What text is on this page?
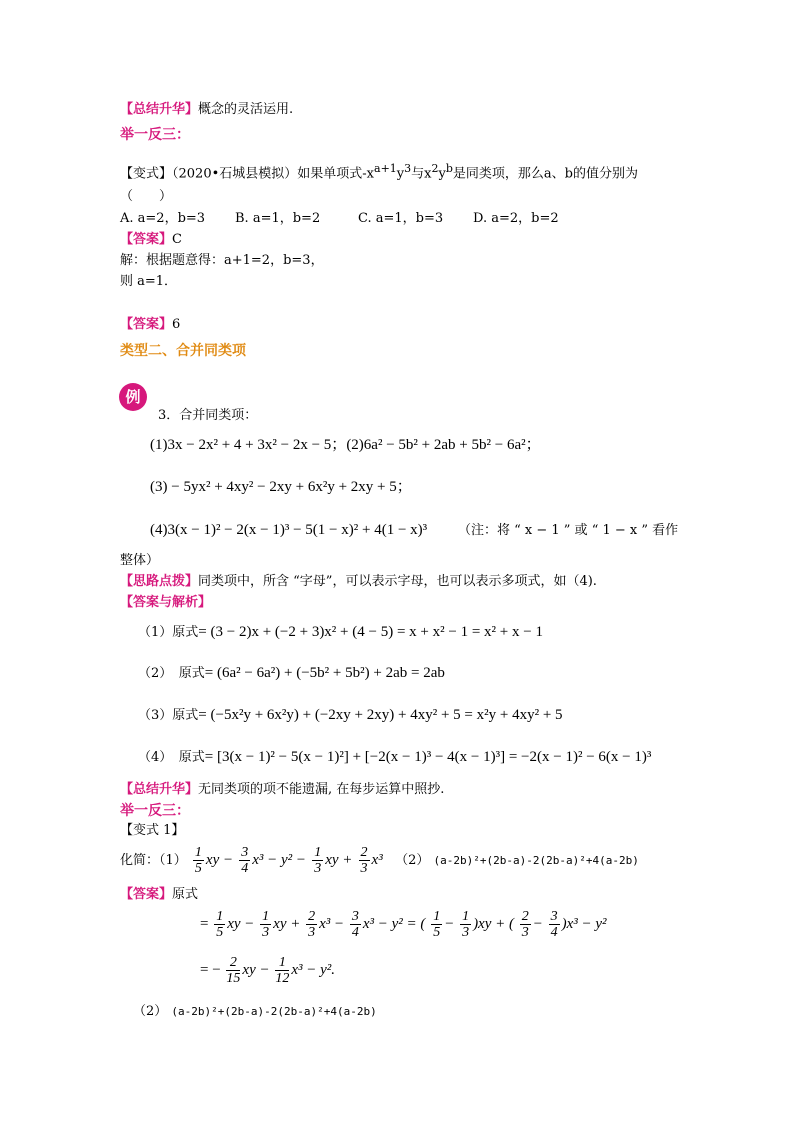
【总结升华】概念的灵活运用.
举一反三：
【变式】（2020•石城县模拟）如果单项式$-x^{a+1}y^3$与$x^2y^b$是同类项，那么a、b的值分别为
（　　）
A. a=2，b=3 B. a=1，b=2	C. a=1，b=3 D. a=2，b=2
【答案】C
解：根据题意得：a+1=2，b=3，
则 a=1．
【答案】6
类型二、合并同类项
例
3．合并同类项：
(1)3x − 2x² + 4 + 3x² − 2x − 5；(2)6a² − 5b² + 2ab + 5b² − 6a²；
(3) − 5yx² + 4xy² − 2xy + 6x²y + 2xy + 5；
(4)3(x − 1)² − 2(x − 1)³ − 5(1 − x)² + 4(1 − x)³ （注：将 “ x − 1 ” 或 “ 1 − x ” 看作
整体）
【思路点拨】同类项中，所含 “字母”，可以表示字母，也可以表示多项式，如（4).
【答案与解析】
（1）原式= (3 − 2)x + (−2 + 3)x² + (4 − 5) = x + x² − 1 = x² + x − 1
（2）　原式= (6a² − 6a²) + (−5b² + 5b²) + 2ab = 2ab
（3）原式= (−5x²y + 6x²y) + (−2xy + 2xy) + 4xy² + 5 = x²y + 4xy² + 5
（4）　原式= [3(x − 1)² − 5(x − 1)²] + [−2(x − 1)³ − 4(x − 1)³] = −2(x − 1)² − 6(x − 1)³
【总结升华】无同类项的项不能遗漏, 在每步运算中照抄.
举一反三：
【变式 1】
化简：$(1) \frac{1}{5}$ xy − $\frac{3}{4} x^3 - y^2 - \frac{1}{3}$ xy + $\frac{2}{3} x^3$ （2） (a-2b)²+(2b-a)-2(2b-a)²+4(a-2b)
【答案】原式
= $\frac{1}{5}$ xy − $\frac{1}{3}$ xy + $\frac{2}{3} x^3 - \frac{3}{4} x^3 - y^2$ = ( $\frac{1}{5} - \frac{1}{3} )xy$ + ( $\frac{2}{3} - \frac{3}{4} )x^3 - y^2$
= − $\frac{2}{15}$ xy − $\frac{1}{12} x^3 - y^2$.
（2） (a-2b)²+(2b-a)-2(2b-a)²+4(a-2b)
